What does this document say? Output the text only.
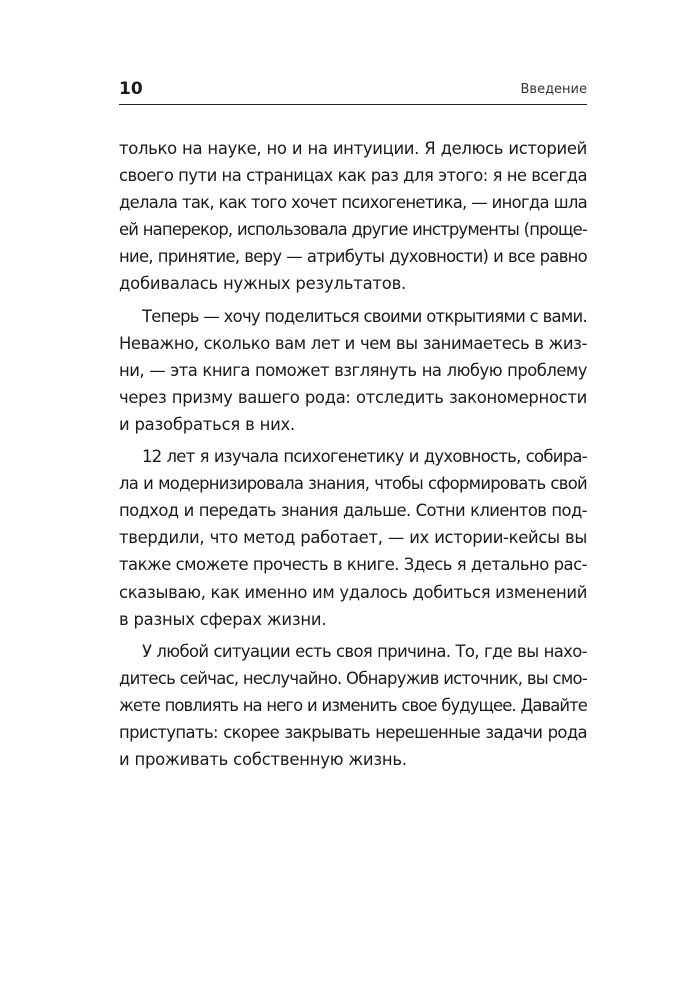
10	Введение

только на науке, но и на интуиции. Я делюсь историей
своего пути на страницах как раз для этого: я не всегда
делала так, как того хочет психогенетика, — иногда шла
ей наперекор, использовала другие инструменты (проще-
ние, принятие, веру — атрибуты духовности) и все равно
добивалась нужных результатов.

Теперь — хочу поделиться своими открытиями с вами.
Неважно, сколько вам лет и чем вы занимаетесь в жиз-
ни, — эта книга поможет взглянуть на любую проблему
через призму вашего рода: отследить закономерности
и разобраться в них.

12 лет я изучала психогенетику и духовность, собира-
ла и модернизировала знания, чтобы сформировать свой
подход и передать знания дальше. Сотни клиентов под-
твердили, что метод работает, — их истории-кейсы вы
также сможете прочесть в книге. Здесь я детально рас-
сказываю, как именно им удалось добиться изменений
в разных сферах жизни.

У любой ситуации есть своя причина. То, где вы нахо-
дитесь сейчас, неслучайно. Обнаружив источник, вы смо-
жете повлиять на него и изменить свое будущее. Давайте
приступать: скорее закрывать нерешенные задачи рода
и проживать собственную жизнь.
